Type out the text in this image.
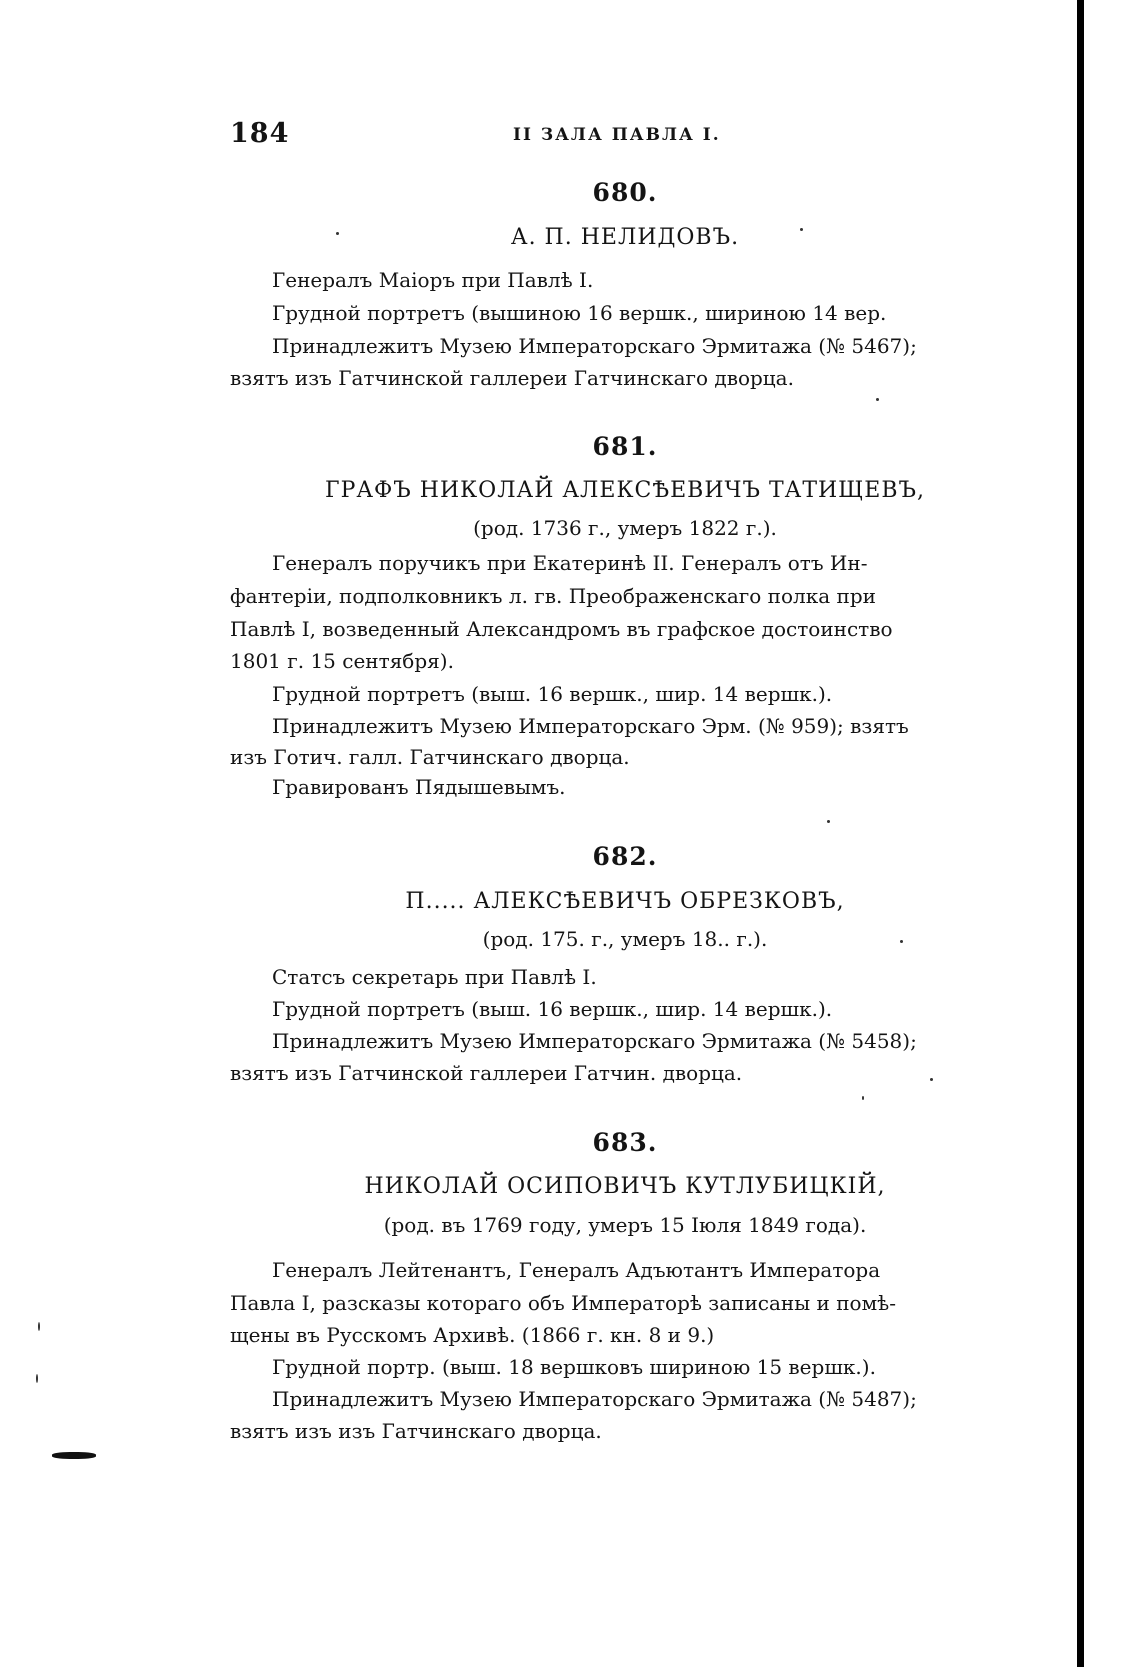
184	II ЗАЛА ПАВЛА I.
680.
А. П. НЕЛИДОВЪ.
Генералъ Маіоръ при Павлѣ I.
Грудной портретъ (вышиною 16 вершк., шириною 14 вер.
Принадлежитъ Музею Императорскаго Эрмитажа (№ 5467);
взятъ изъ Гатчинской галлереи Гатчинскаго дворца.
681.
ГРАФЪ НИКОЛАЙ АЛЕКСѢЕВИЧЪ ТАТИЩЕВЪ,
(род. 1736 г., умеръ 1822 г.).
Генералъ поручикъ при Екатеринѣ II. Генералъ отъ Ин-
фантеріи, подполковникъ л. гв. Преображенскаго полка при
Павлѣ I, возведенный Александромъ въ графское достоинство
1801 г. 15 сентября).
Грудной портретъ (выш. 16 вершк., шир. 14 вершк.).
Принадлежитъ Музею Императорскаго Эрм. (№ 959); взятъ
изъ Готич. галл. Гатчинскаго дворца.
Гравированъ Пядышевымъ.
682.
П..... АЛЕКСѢЕВИЧЪ ОБРЕЗКОВЪ,
(род. 175. г., умеръ 18.. г.).
Статсъ секретарь при Павлѣ I.
Грудной портретъ (выш. 16 вершк., шир. 14 вершк.).
Принадлежитъ Музею Императорскаго Эрмитажа (№ 5458);
взятъ изъ Гатчинской галлереи Гатчин. дворца.
683.
НИКОЛАЙ ОСИПОВИЧЪ КУТЛУБИЦКІЙ,
(род. въ 1769 году, умеръ 15 Іюля 1849 года).
Генералъ Лейтенантъ, Генералъ Адъютантъ Императора
Павла I, разсказы котораго объ Императорѣ записаны и помѣ-
щены въ Русскомъ Архивѣ. (1866 г. кн. 8 и 9.)
Грудной портр. (выш. 18 вершковъ шириною 15 вершк.).
Принадлежитъ Музею Императорскаго Эрмитажа (№ 5487);
взятъ изъ изъ Гатчинскаго дворца.
